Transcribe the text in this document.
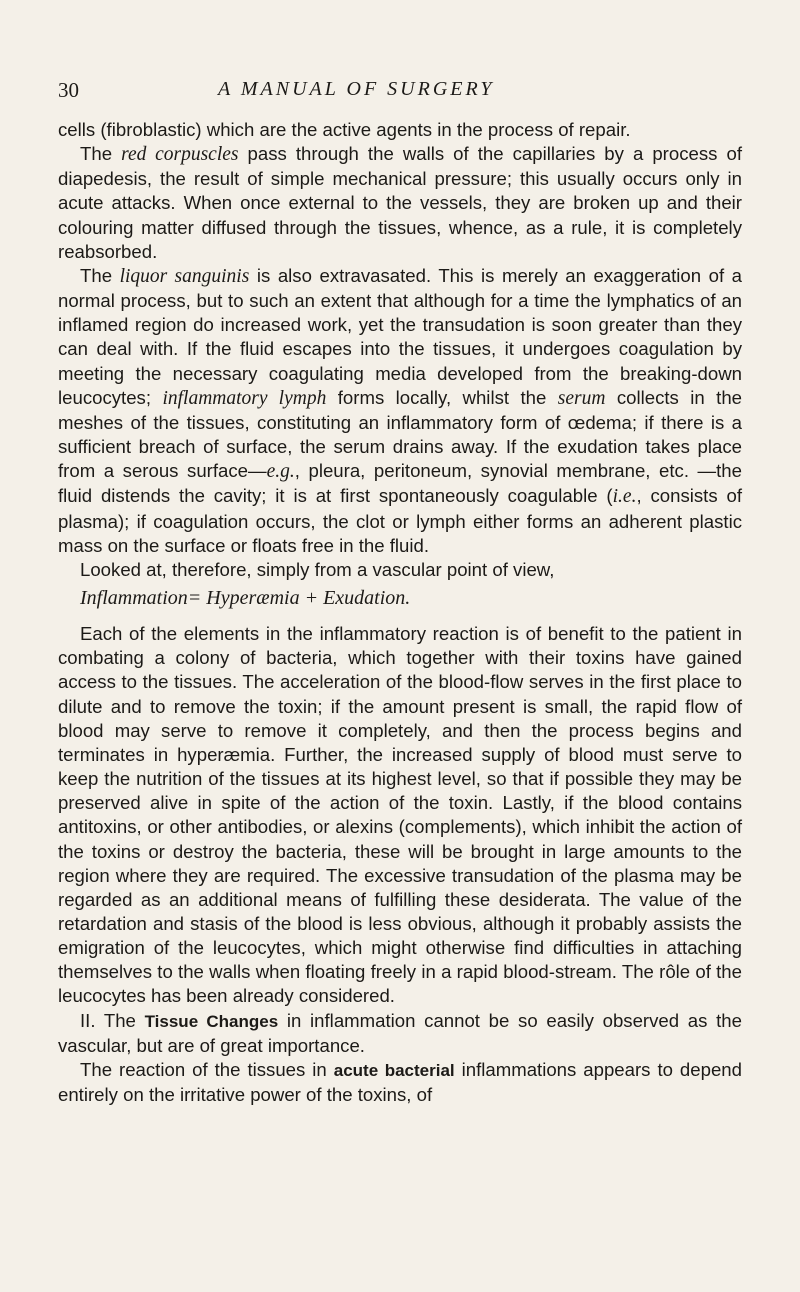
30	A MANUAL OF SURGERY

cells (fibroblastic) which are the active agents in the process of repair.

The red corpuscles pass through the walls of the capillaries by a process of diapedesis, the result of simple mechanical pressure; this usually occurs only in acute attacks. When once external to the vessels, they are broken up and their colouring matter diffused through the tissues, whence, as a rule, it is completely reabsorbed.

The liquor sanguinis is also extravasated. This is merely an exaggeration of a normal process, but to such an extent that although for a time the lymphatics of an inflamed region do increased work, yet the transudation is soon greater than they can deal with. If the fluid escapes into the tissues, it undergoes coagulation by meeting the necessary coagulating media developed from the breaking-down leucocytes; inflammatory lymph forms locally, whilst the serum collects in the meshes of the tissues, constituting an inflammatory form of œdema; if there is a sufficient breach of surface, the serum drains away. If the exudation takes place from a serous surface—e.g., pleura, peritoneum, synovial membrane, etc. —the fluid distends the cavity; it is at first spontaneously coagulable (i.e., consists of plasma); if coagulation occurs, the clot or lymph either forms an adherent plastic mass on the surface or floats free in the fluid.

Looked at, therefore, simply from a vascular point of view,

Inflammation= Hyperæmia + Exudation.

Each of the elements in the inflammatory reaction is of benefit to the patient in combating a colony of bacteria, which together with their toxins have gained access to the tissues. The acceleration of the blood-flow serves in the first place to dilute and to remove the toxin; if the amount present is small, the rapid flow of blood may serve to remove it completely, and then the process begins and terminates in hyperæmia. Further, the increased supply of blood must serve to keep the nutrition of the tissues at its highest level, so that if possible they may be preserved alive in spite of the action of the toxin. Lastly, if the blood contains antitoxins, or other antibodies, or alexins (complements), which inhibit the action of the toxins or destroy the bacteria, these will be brought in large amounts to the region where they are required. The excessive transudation of the plasma may be regarded as an additional means of fulfilling these desiderata. The value of the retardation and stasis of the blood is less obvious, although it probably assists the emigration of the leucocytes, which might otherwise find difficulties in attaching themselves to the walls when floating freely in a rapid blood-stream. The rôle of the leucocytes has been already considered.

II. The Tissue Changes in inflammation cannot be so easily observed as the vascular, but are of great importance.

The reaction of the tissues in acute bacterial inflammations appears to depend entirely on the irritative power of the toxins, of
